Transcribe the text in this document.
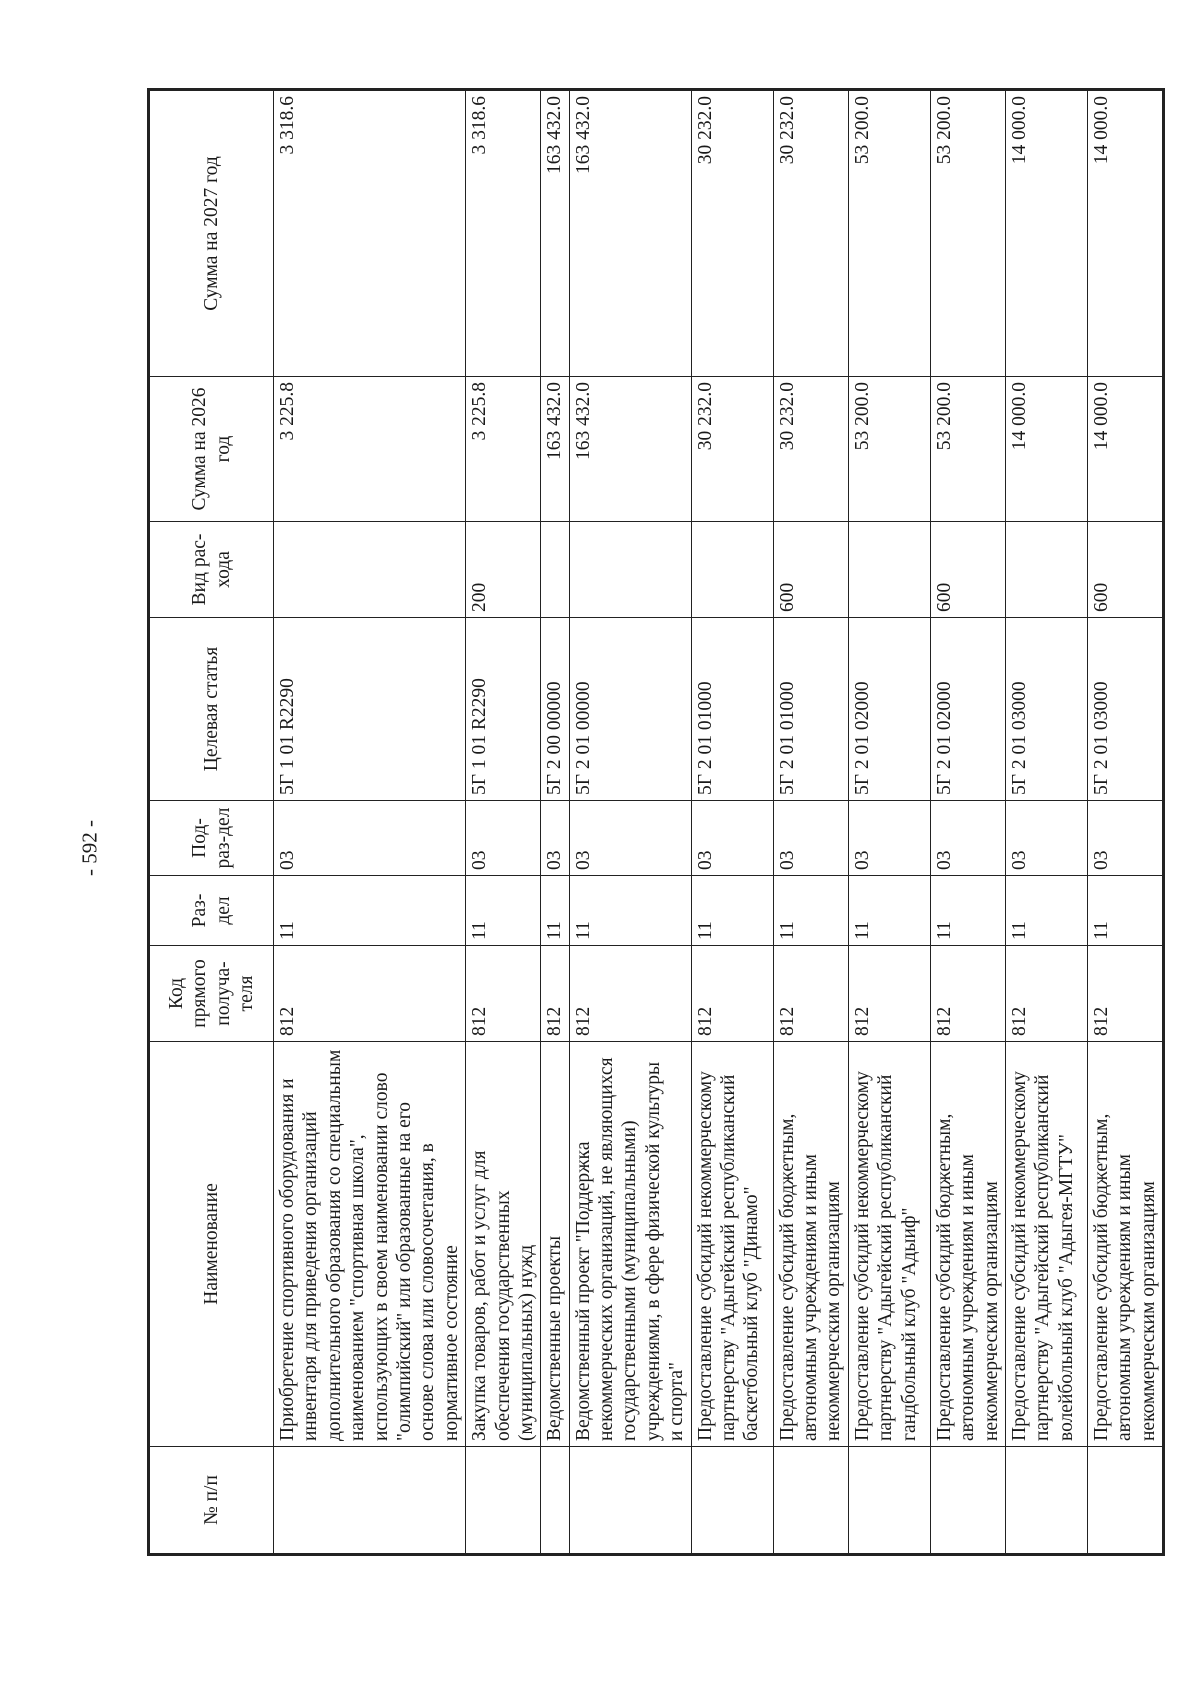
- 592 -
№ п/п	Наименование	Код прямого получа-теля	Раз-дел	Под-раз-дел	Целевая статья	Вид рас-хода	Сумма на 2026 год	Сумма на 2027 год
	Приобретение спортивного оборудования и инвентаря для приведения организаций дополнительного образования со специальным наименованием "спортивная школа", использующих в своем наименовании слово "олимпийский" или образованные на его основе слова или словосочетания, в нормативное состояние	812	11	03	5Г 1 01 R2290		3 225.8	3 318.6
	Закупка товаров, работ и услуг для обеспечения государственных (муниципальных) нужд	812	11	03	5Г 1 01 R2290	200	3 225.8	3 318.6
	Ведомственные проекты	812	11	03	5Г 2 00 00000		163 432.0	163 432.0
	Ведомственный проект "Поддержка некоммерческих организаций, не являющихся государственными (муниципальными) учреждениями, в сфере физической культуры и спорта"	812	11	03	5Г 2 01 00000		163 432.0	163 432.0
	Предоставление субсидий некоммерческому партнерству "Адыгейский республиканский баскетбольный клуб "Динамо"	812	11	03	5Г 2 01 01000		30 232.0	30 232.0
	Предоставление субсидий бюджетным, автономным учреждениям и иным некоммерческим организациям	812	11	03	5Г 2 01 01000	600	30 232.0	30 232.0
	Предоставление субсидий некоммерческому партнерству "Адыгейский республиканский гандбольный клуб "Адыиф"	812	11	03	5Г 2 01 02000		53 200.0	53 200.0
	Предоставление субсидий бюджетным, автономным учреждениям и иным некоммерческим организациям	812	11	03	5Г 2 01 02000	600	53 200.0	53 200.0
	Предоставление субсидий некоммерческому партнерству "Адыгейский республиканский волейбольный клуб "Адыгея-МГТУ"	812	11	03	5Г 2 01 03000		14 000.0	14 000.0
	Предоставление субсидий бюджетным, автономным учреждениям и иным некоммерческим организациям	812	11	03	5Г 2 01 03000	600	14 000.0	14 000.0
